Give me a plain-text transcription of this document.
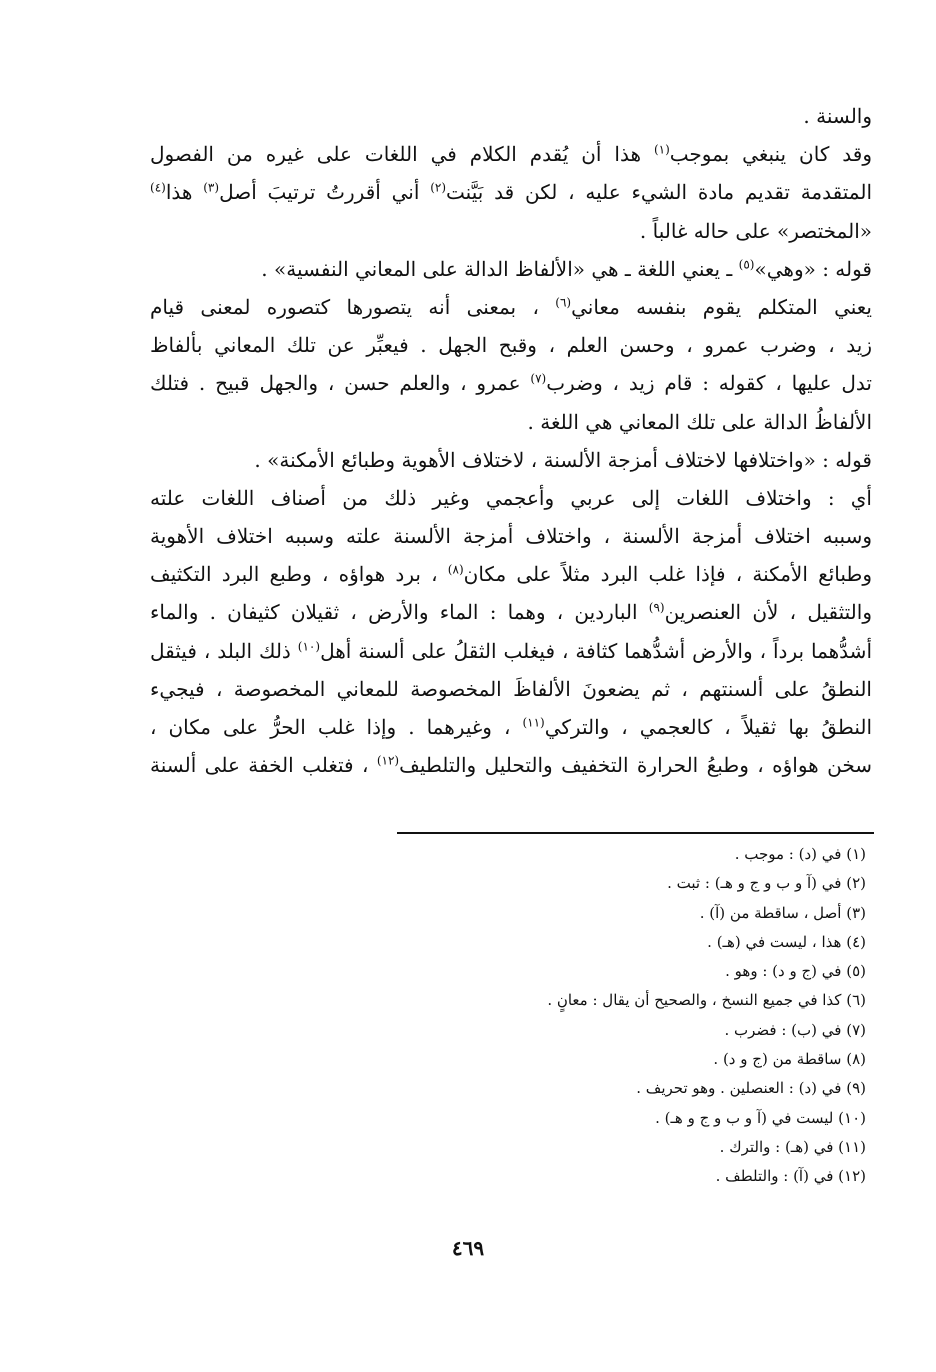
والسنة .
وقد كان ينبغي بموجب$^{(١)}$ هذا أن يُقدم الكلام في اللغات على غيره من الفصول
المتقدمة تقديم مادة الشيء عليه ، لكن قد بَيَّنت$^{(٢)}$ أني أقررتُ ترتيبَ أصل$^{(٣)}$ هذا$^{(٤)}$
«المختصر» على حاله غالباً .
قوله : «وهي»$^{(٥)}$ ـ يعني اللغة ـ هي «الألفاظ الدالة على المعاني النفسية» .
يعني المتكلم يقوم بنفسه معاني$^{(٦)}$ ، بمعنى أنه يتصورها كتصوره لمعنى قيام
زيد ، وضرب عمرو ، وحسن العلم ، وقبح الجهل . فيعبِّر عن تلك المعاني بألفاظ
تدل عليها ، كقوله : قام زيد ، وضرب$^{(٧)}$ عمرو ، والعلم حسن ، والجهل قبيح . فتلك
الألفاظُ الدالة على تلك المعاني هي اللغة .
قوله : «واختلافها لاختلاف أمزجة الألسنة ، لاختلاف الأهوية وطبائع الأمكنة» .
أي : واختلاف اللغات إلى عربي وأعجمي وغير ذلك من أصناف اللغات علته
وسببه اختلاف أمزجة الألسنة ، واختلاف أمزجة الألسنة علته وسببه اختلاف الأهوية
وطبائع الأمكنة ، فإذا غلب البرد مثلاً على مكان$^{(٨)}$ ، برد هواؤه ، وطبع البرد التكثيف
والتثقيل ، لأن العنصرين$^{(٩)}$ الباردين ، وهما : الماء والأرض ، ثقيلان كثيفان . والماء
أشدُّهما برداً ، والأرض أشدُّهما كثافة ، فيغلب الثقلُ على ألسنة أهل$^{(١٠)}$ ذلك البلد ، فيثقل
النطقُ على ألسنتهم ، ثم يضعونَ الألفاظَ المخصوصة للمعاني المخصوصة ، فيجيء
النطقُ بها ثقيلاً ، كالعجمي ، والتركي$^{(١١)}$ ، وغيرهما . وإذا غلب الحرُّ على مكان ،
سخن هواؤه ، وطبعُ الحرارة التخفيف والتحليل والتلطيف$^{(١٢)}$ ، فتغلب الخفة على ألسنة
(١) في (د) : موجب .
(٢) في (آ و ب و ج و هـ) : ثبت .
(٣) أصل ، ساقطة من (آ) .
(٤) هذا ، ليست في (هـ) .
(٥) في (ج و د) : وهو .
(٦) كذا في جميع النسخ ، والصحيح أن يقال : معانٍ .
(٧) في (ب) : فضرب .
(٨) ساقطة من (ج و د) .
(٩) في (د) : العنصلين . وهو تحريف .
(١٠) ليست في (آ و ب و ج و هـ) .
(١١) في (هـ) : والترك .
(١٢) في (آ) : والتلطف .
٤٦٩
